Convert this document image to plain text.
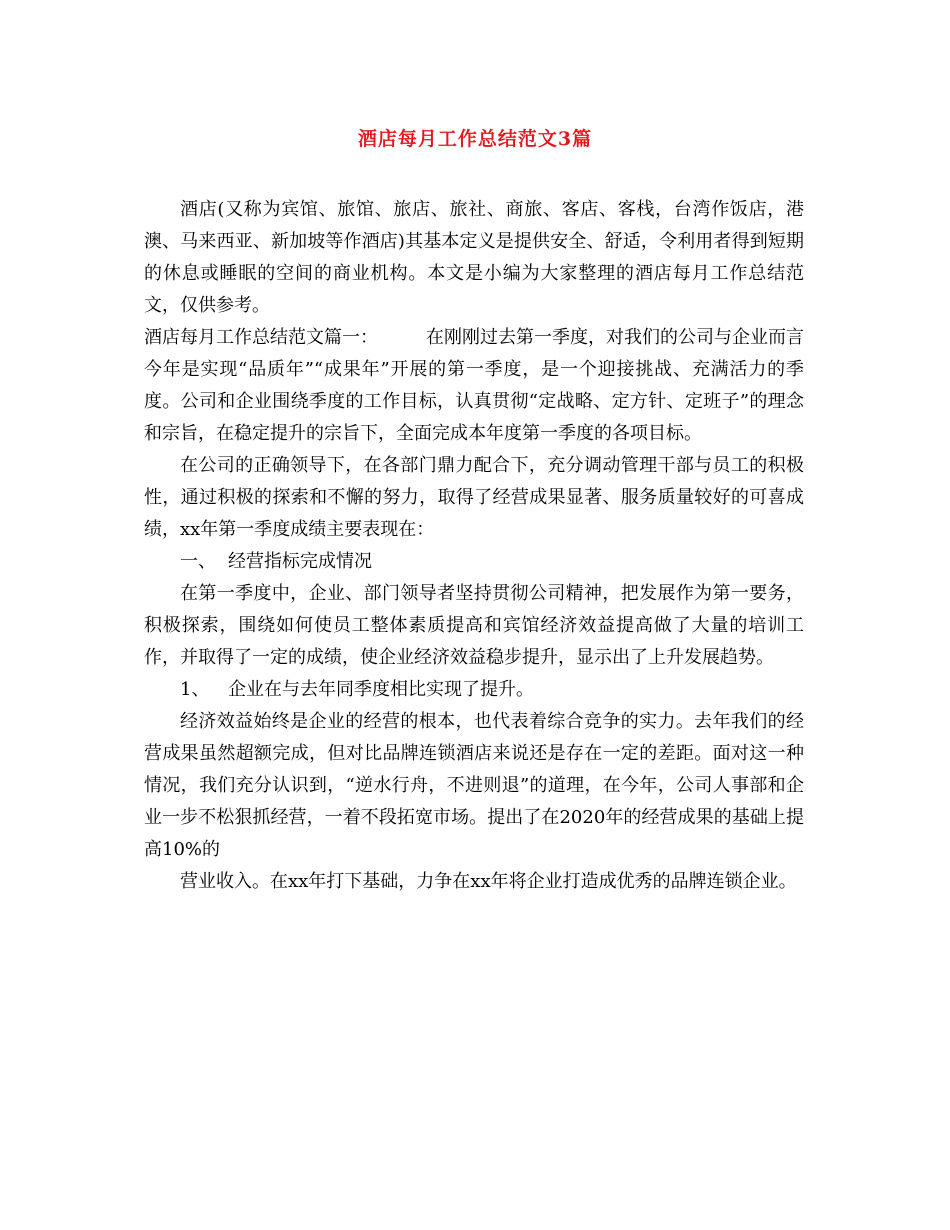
酒店每月工作总结范文3篇

酒店(又称为宾馆、旅馆、旅店、旅社、商旅、客店、客栈，台湾作饭店，港澳、马来西亚、新加坡等作酒店)其基本定义是提供安全、舒适，令利用者得到短期的休息或睡眠的空间的商业机构。本文是小编为大家整理的酒店每月工作总结范文，仅供参考。

酒店每月工作总结范文篇一：	在刚刚过去第一季度，对我们的公司与企业而言今年是实现“品质年”“成果年”开展的第一季度，是一个迎接挑战、充满活力的季度。公司和企业围绕季度的工作目标，认真贯彻“定战略、定方针、定班子”的理念和宗旨，在稳定提升的宗旨下，全面完成本年度第一季度的各项目标。

在公司的正确领导下，在各部门鼎力配合下，充分调动管理干部与员工的积极性，通过积极的探索和不懈的努力，取得了经营成果显著、服务质量较好的可喜成绩，xx年第一季度成绩主要表现在：

一、 经营指标完成情况

在第一季度中，企业、部门领导者坚持贯彻公司精神，把发展作为第一要务，积极探索，围绕如何使员工整体素质提高和宾馆经济效益提高做了大量的培训工作，并取得了一定的成绩，使企业经济效益稳步提升，显示出了上升发展趋势。

1、 企业在与去年同季度相比实现了提升。

经济效益始终是企业的经营的根本，也代表着综合竞争的实力。去年我们的经营成果虽然超额完成，但对比品牌连锁酒店来说还是存在一定的差距。面对这一种情况，我们充分认识到，“逆水行舟，不进则退”的道理，在今年，公司人事部和企业一步不松狠抓经营，一着不段拓宽市场。提出了在2020年的经营成果的基础上提高10%的

营业收入。在xx年打下基础，力争在xx年将企业打造成优秀的品牌连锁企业。
